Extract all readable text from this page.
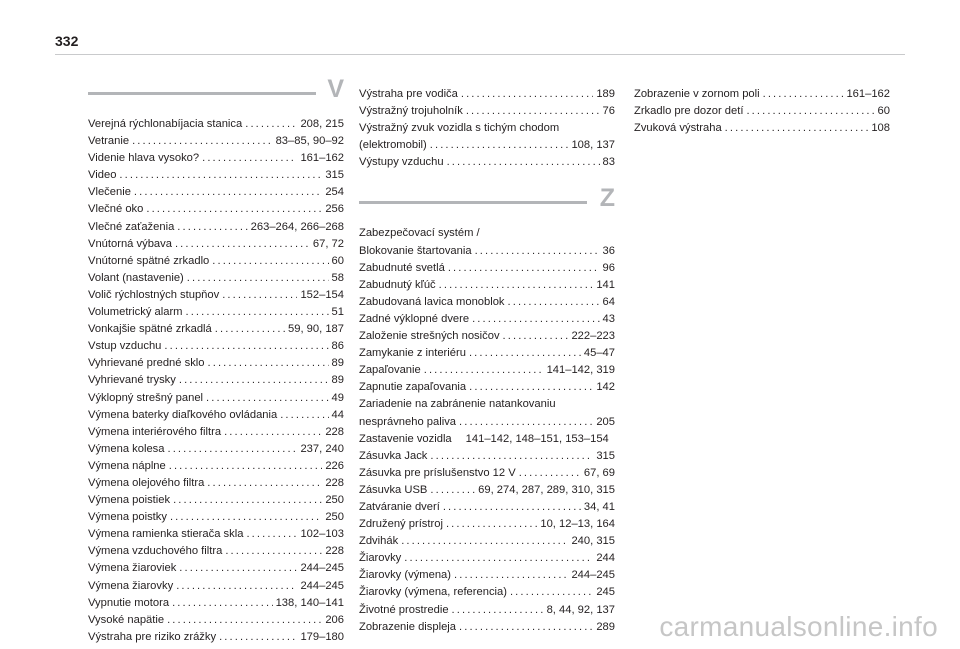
332
V
Verejná rýchlonabíjacia stanica . . .	208, 215
Vetranie . . .	83–85, 90–92
Videnie hlava vysoko? . . .	161–162
Video . . .	315
Vlečenie . . .	254
Vlečné oko . . .	256
Vlečné zaťaženia . . .	263–264, 266–268
Vnútorná výbava . . .	67, 72
Vnútorné spätné zrkadlo . . .	60
Volant (nastavenie) . . .	58
Volič rýchlostných stupňov . . .	152–154
Volumetrický alarm . . .	51
Vonkajšie spätné zrkadlá . . .	59, 90, 187
Vstup vzduchu . . .	86
Vyhrievané predné sklo . . .	89
Vyhrievané trysky . . .	89
Výklopný strešný panel . . .	49
Výmena baterky diaľkového ovládania . . .	44
Výmena interiérového filtra . . .	228
Výmena kolesa . . .	237, 240
Výmena náplne . . .	226
Výmena olejového filtra . . .	228
Výmena poistiek . . .	250
Výmena poistky . . .	250
Výmena ramienka stierača skla . . .	102–103
Výmena vzduchového filtra . . .	228
Výmena žiaroviek . . .	244–245
Výmena žiarovky . . .	244–245
Vypnutie motora . . .	138, 140–141
Vysoké napätie . . .	206
Výstraha pre riziko zrážky . . .	179–180
Výstraha pre vodiča . . .	189
Výstražný trojuholník . . .	76
Výstražný zvuk vozidla s tichým chodom
(elektromobil) . . .	108, 137
Výstupy vzduchu . . .	83
Z
Zabezpečovací systém /
Blokovanie štartovania . . .	36
Zabudnuté svetlá . . .	96
Zabudnutý kľúč . . .	141
Zabudovaná lavica monoblok . . .	64
Zadné výklopné dvere . . .	43
Založenie strešných nosičov . . .	222–223
Zamykanie z interiéru . . .	45–47
Zapaľovanie . . .	141–142, 319
Zapnutie zapaľovania . . .	142
Zariadenie na zabránenie natankovaniu
nesprávneho paliva . . .	205
Zastavenie vozidla 141–142, 148–151, 153–154
Zásuvka Jack . . .	315
Zásuvka pre príslušenstvo 12 V . . .	67, 69
Zásuvka USB . . .	69, 274, 287, 289, 310, 315
Zatváranie dverí . . .	34, 41
Združený prístroj . . .	10, 12–13, 164
Zdvihák . . .	240, 315
Žiarovky . . .	244
Žiarovky (výmena) . . .	244–245
Žiarovky (výmena, referencia) . . .	245
Životné prostredie . . .	8, 44, 92, 137
Zobrazenie displeja . . .	289
Zobrazenie v zornom poli . . .	161–162
Zrkadlo pre dozor detí . . .	60
Zvuková výstraha . . .	108
carmanualsonline.info
